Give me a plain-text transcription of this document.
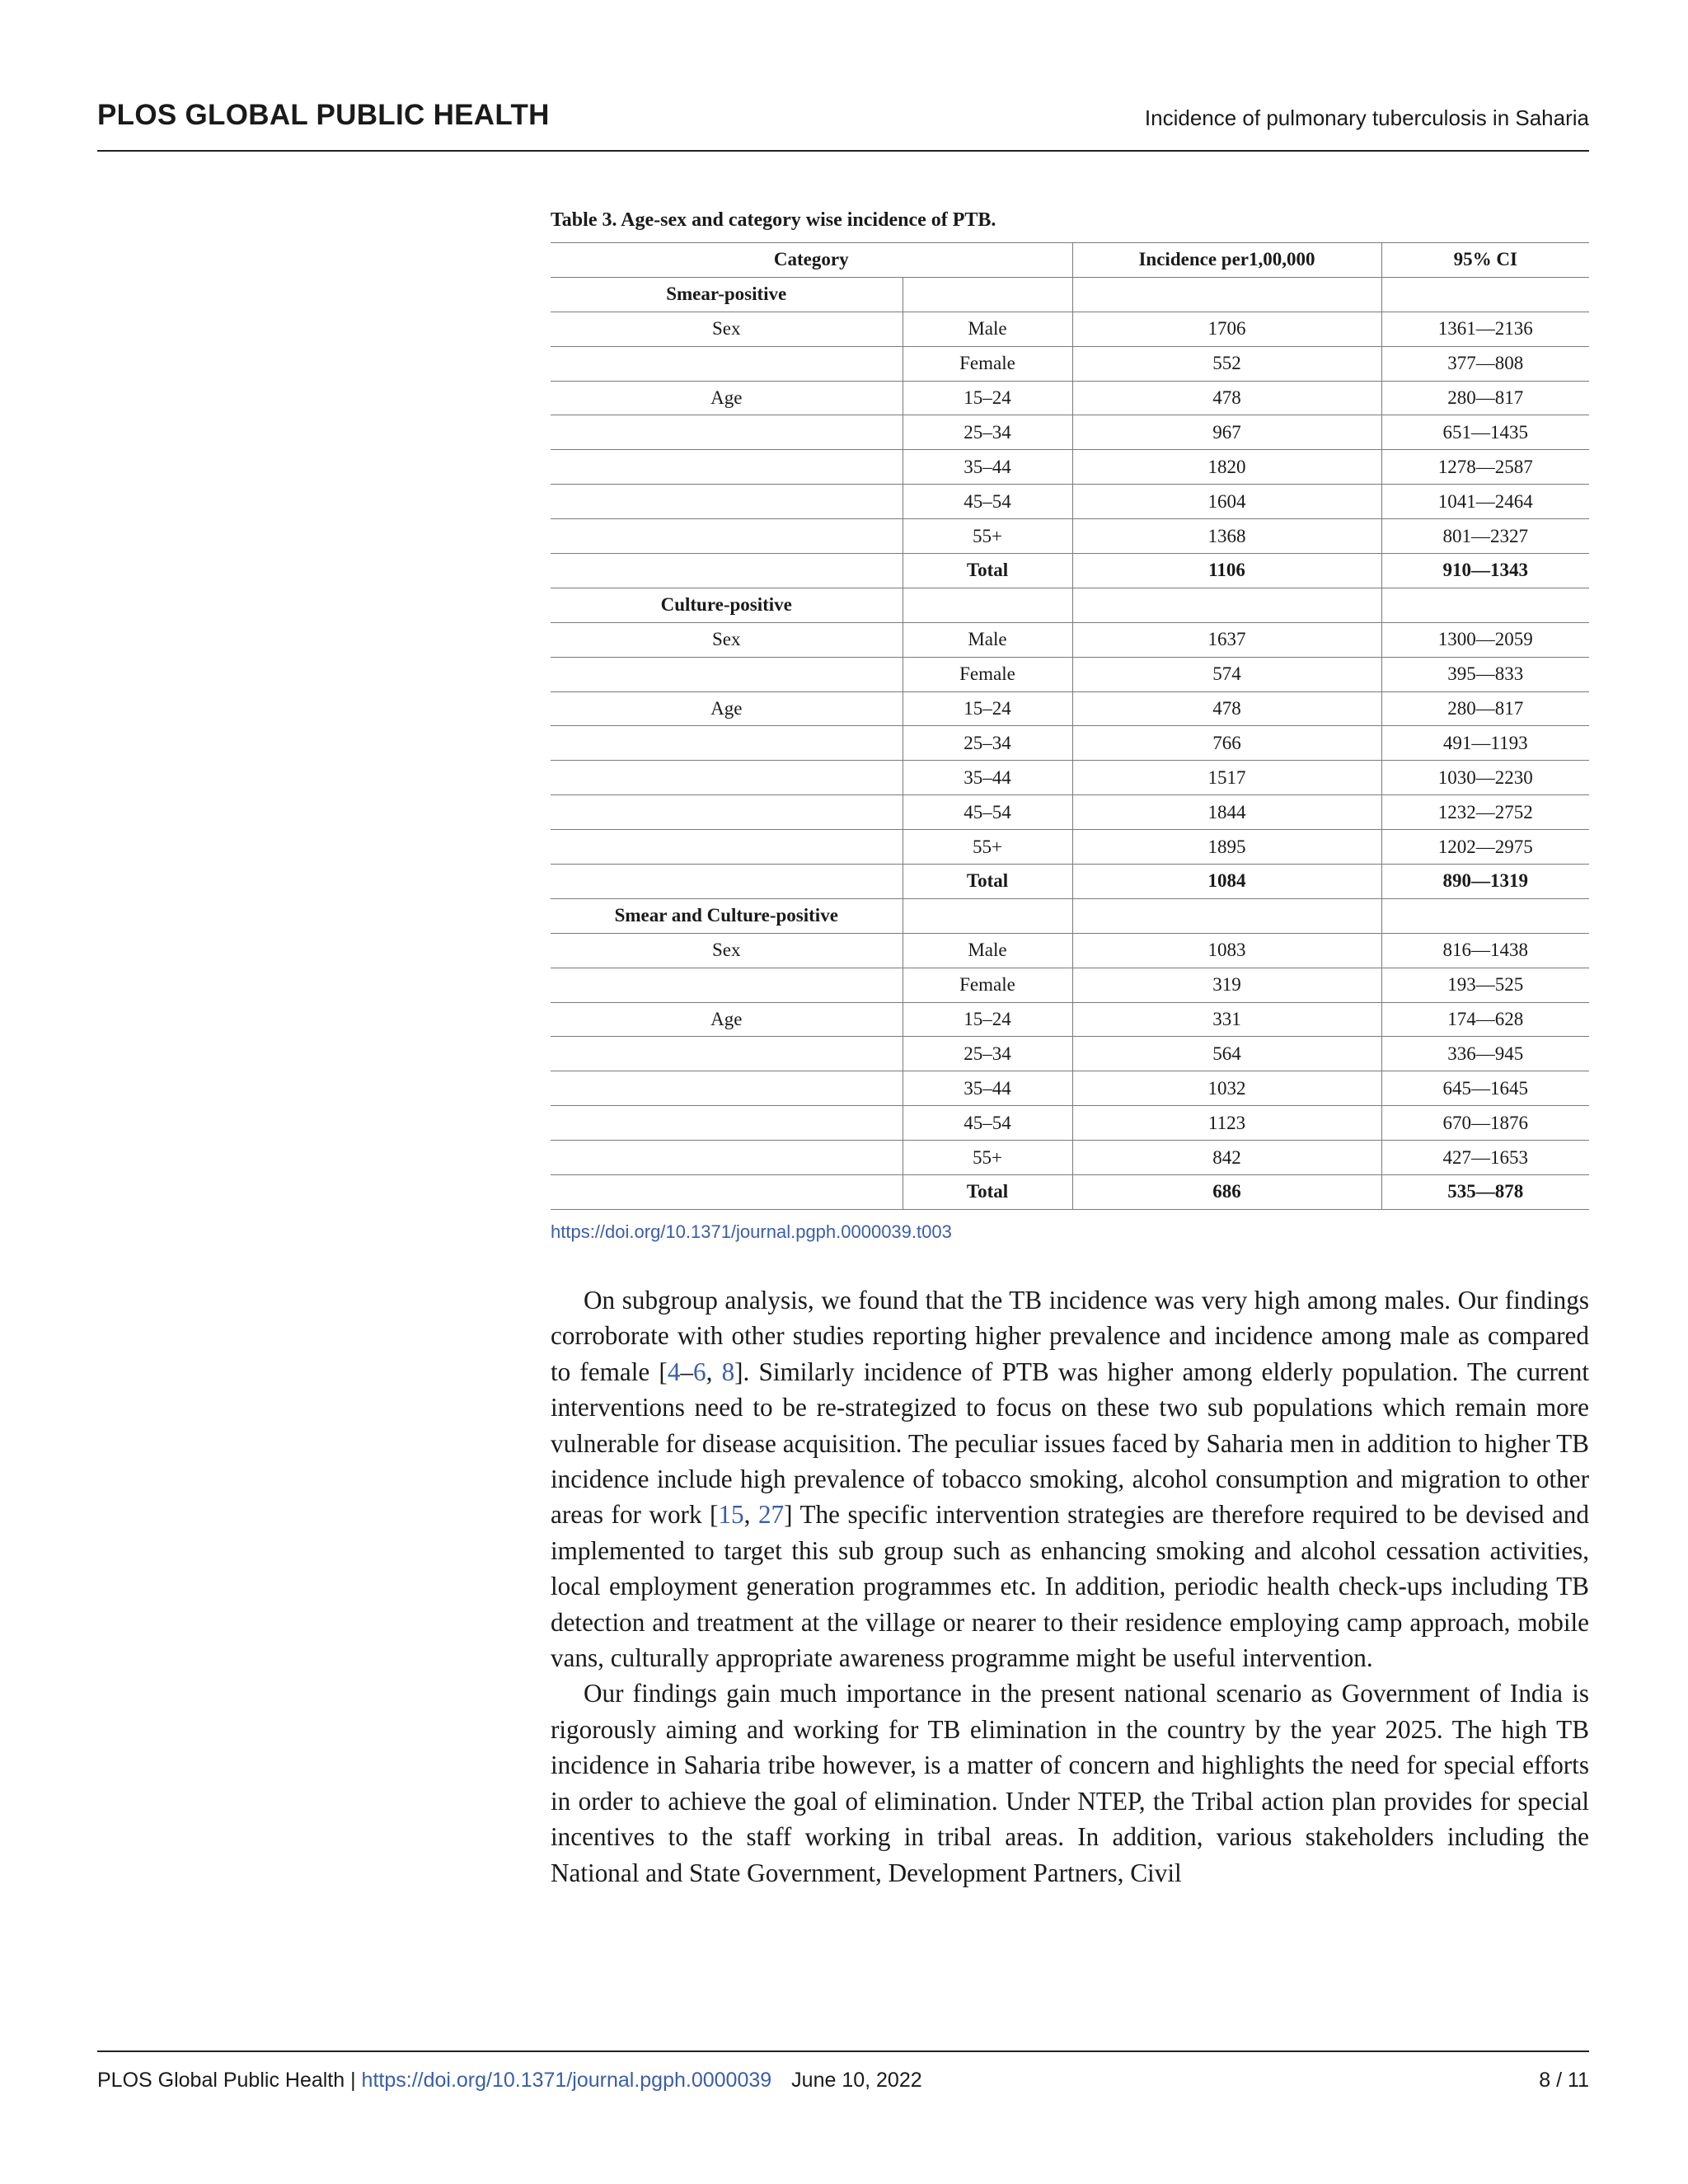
PLOS GLOBAL PUBLIC HEALTH	Incidence of pulmonary tuberculosis in Saharia
Table 3. Age-sex and category wise incidence of PTB.
Category		Incidence per1,00,000	95% CI
Smear-positive			
Sex	Male	1706	1361—2136
	Female	552	377—808
Age	15–24	478	280—817
	25–34	967	651—1435
	35–44	1820	1278—2587
	45–54	1604	1041—2464
	55+	1368	801—2327
	Total	1106	910—1343
Culture-positive			
Sex	Male	1637	1300—2059
	Female	574	395—833
Age	15–24	478	280—817
	25–34	766	491—1193
	35–44	1517	1030—2230
	45–54	1844	1232—2752
	55+	1895	1202—2975
	Total	1084	890—1319
Smear and Culture-positive			
Sex	Male	1083	816—1438
	Female	319	193—525
Age	15–24	331	174—628
	25–34	564	336—945
	35–44	1032	645—1645
	45–54	1123	670—1876
	55+	842	427—1653
	Total	686	535—878
https://doi.org/10.1371/journal.pgph.0000039.t003

On subgroup analysis, we found that the TB incidence was very high among males. Our findings corroborate with other studies reporting higher prevalence and incidence among male as compared to female [4–6, 8]. Similarly incidence of PTB was higher among elderly population. The current interventions need to be re-strategized to focus on these two sub populations which remain more vulnerable for disease acquisition. The peculiar issues faced by Saharia men in addition to higher TB incidence include high prevalence of tobacco smoking, alcohol consumption and migration to other areas for work [15, 27] The specific intervention strategies are therefore required to be devised and implemented to target this sub group such as enhancing smoking and alcohol cessation activities, local employment generation programmes etc. In addition, periodic health check-ups including TB detection and treatment at the village or nearer to their residence employing camp approach, mobile vans, culturally appropriate awareness programme might be useful intervention.

Our findings gain much importance in the present national scenario as Government of India is rigorously aiming and working for TB elimination in the country by the year 2025. The high TB incidence in Saharia tribe however, is a matter of concern and highlights the need for special efforts in order to achieve the goal of elimination. Under NTEP, the Tribal action plan provides for special incentives to the staff working in tribal areas. In addition, various stakeholders including the National and State Government, Development Partners, Civil

PLOS Global Public Health | https://doi.org/10.1371/journal.pgph.0000039 June 10, 2022	8 / 11
